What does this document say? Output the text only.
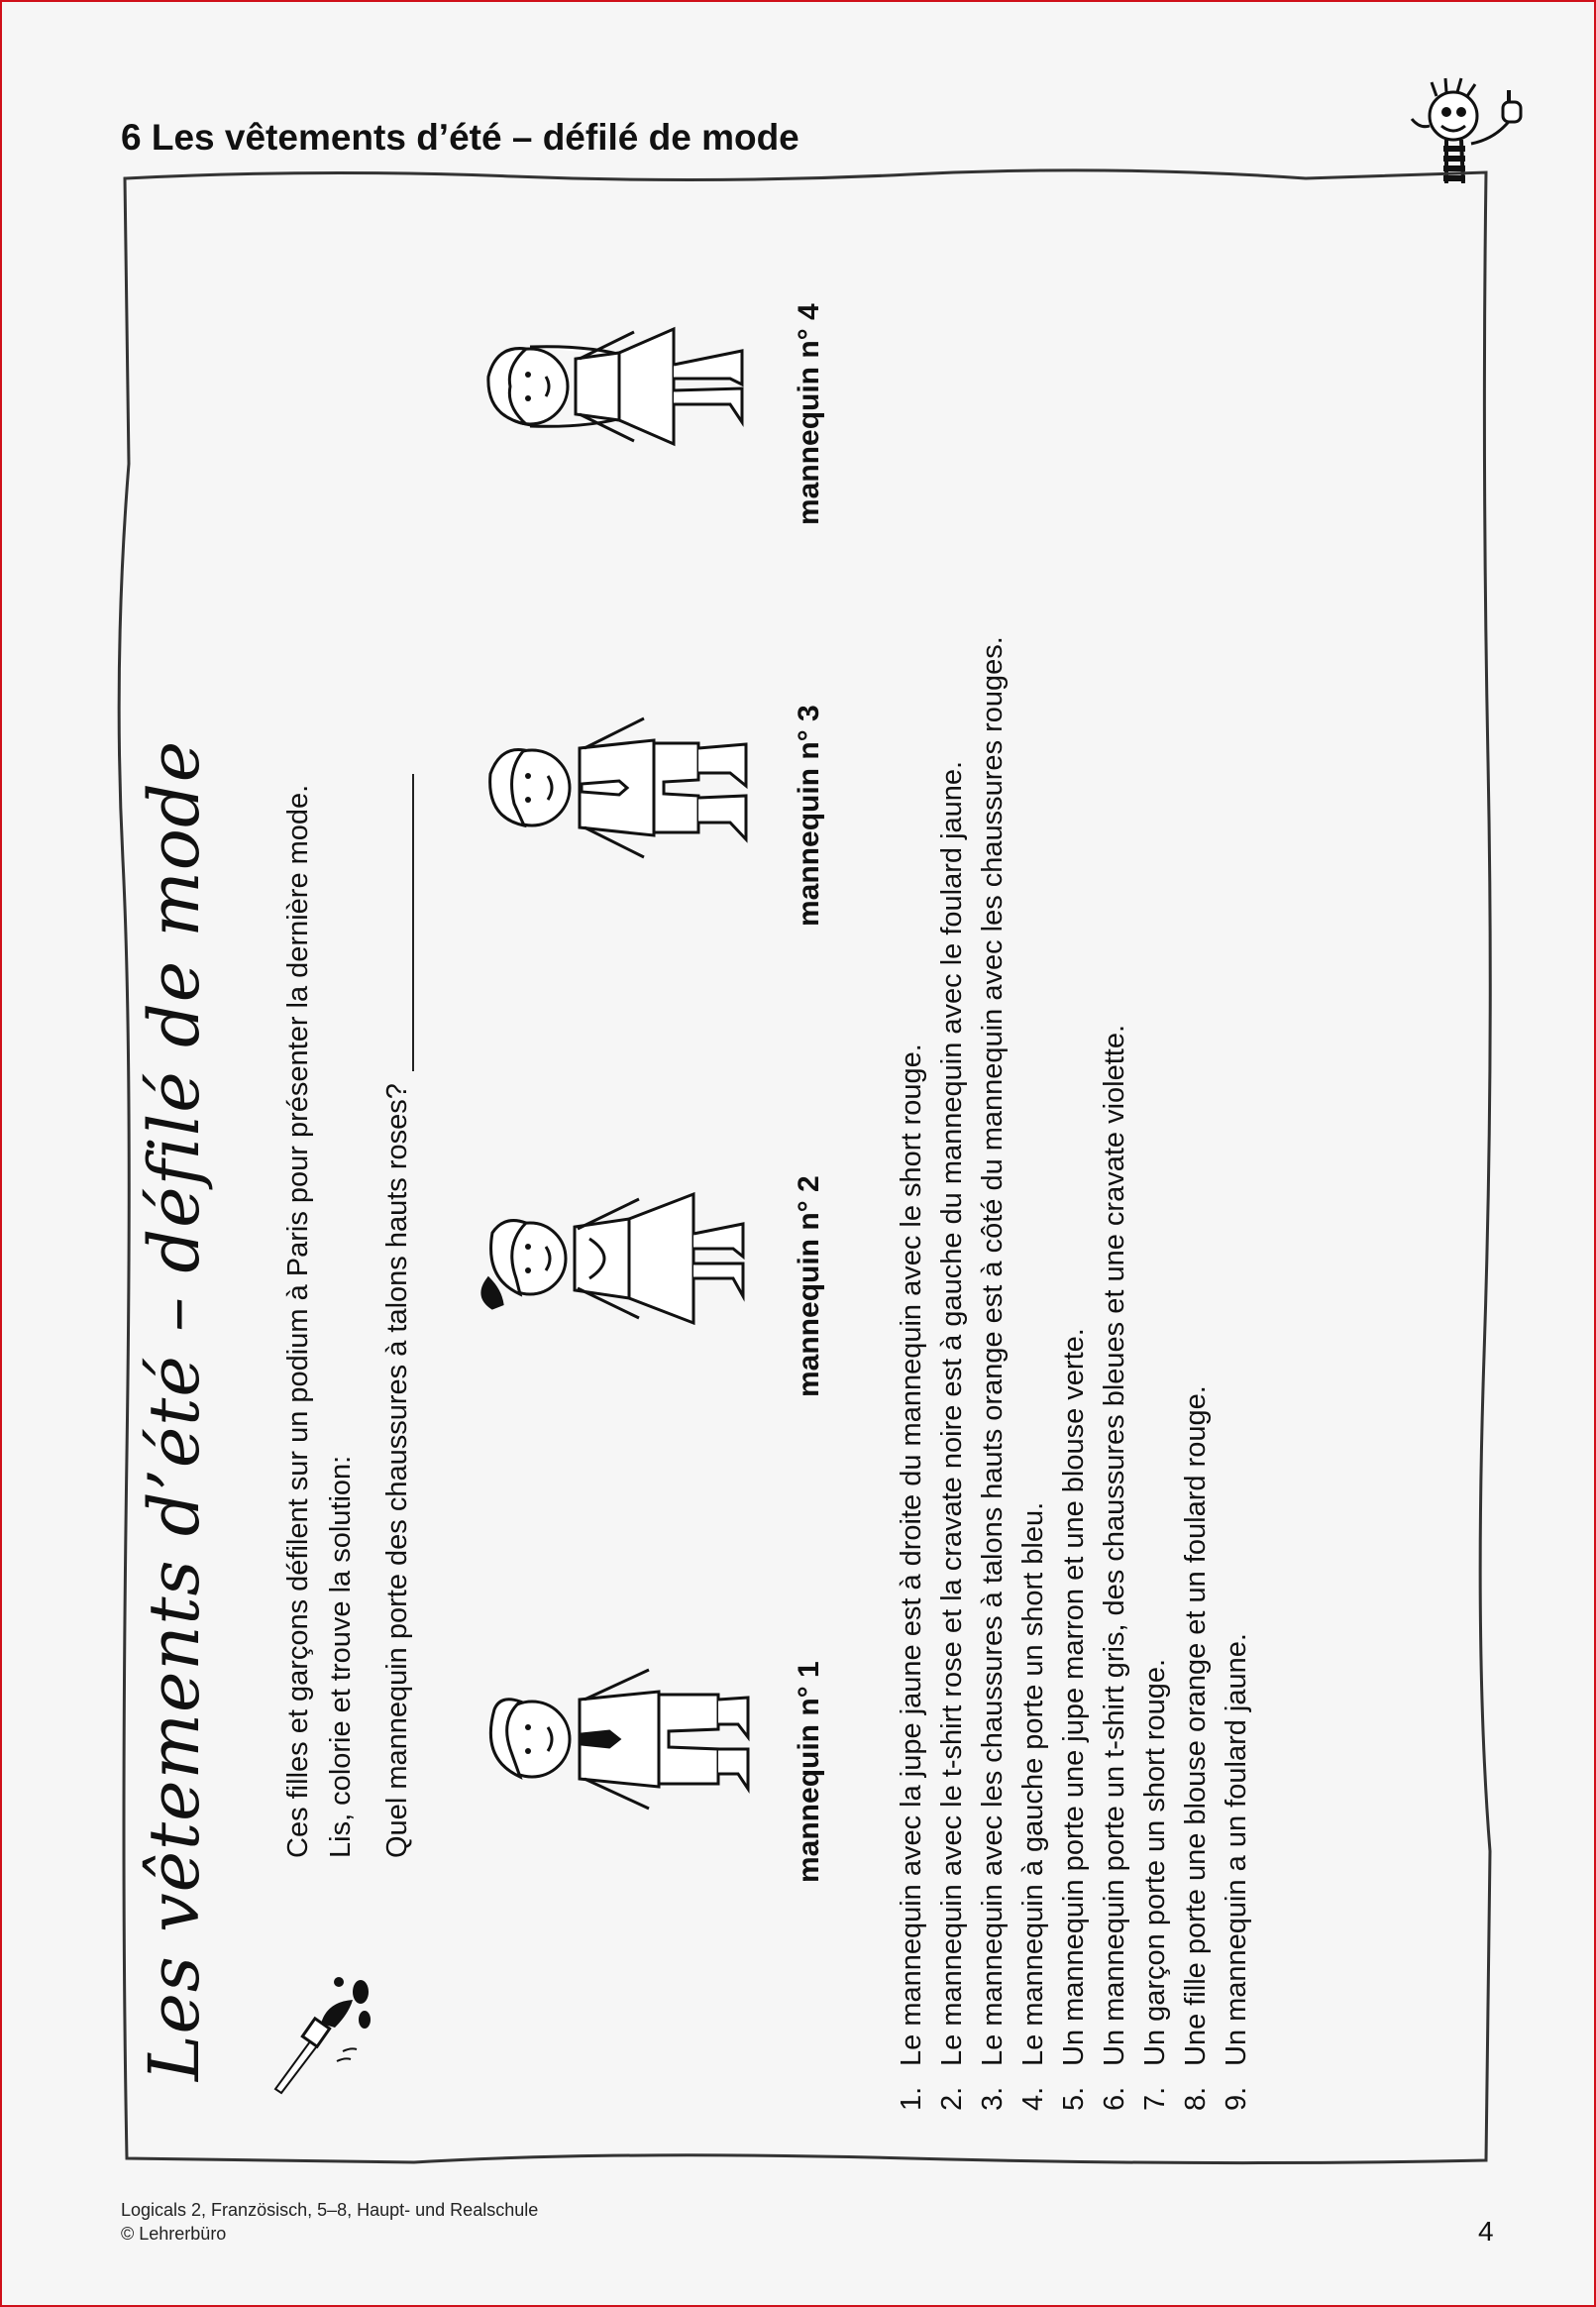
6 Les vêtements d’été – défilé de mode
Les vêtements d’été – défilé de mode Ces filles et garçons défilent sur un podium à Paris pour présenter la dernière mode. Lis, colorie et trouve la solution: Quel mannequin porte des chaussures à talons hauts roses?	mannequin n° 1
mannequin n° 2
mannequin n° 3
mannequin n° 4
1.
Le mannequin avec la jupe jaune est à droite du mannequin avec le short rouge.
2.
Le mannequin avec le t-shirt rose et la cravate noire est à gauche du mannequin avec le foulard jaune.
3.
Le mannequin avec les chaussures à talons hauts orange est à côté du mannequin avec les chaussures rouges.
4.
Le mannequin à gauche porte un short bleu.
5.
Un mannequin porte une jupe marron et une blouse verte.
6.
Un mannequin porte un t-shirt gris, des chaussures bleues et une cravate violette.
7.
Un garçon porte un short rouge.
8.
Une fille porte une blouse orange et un foulard rouge.
9.
Un mannequin a un foulard jaune.
Logicals 2, Französisch, 5–8, Haupt- und Realschule
© Lehrerbüro	4
